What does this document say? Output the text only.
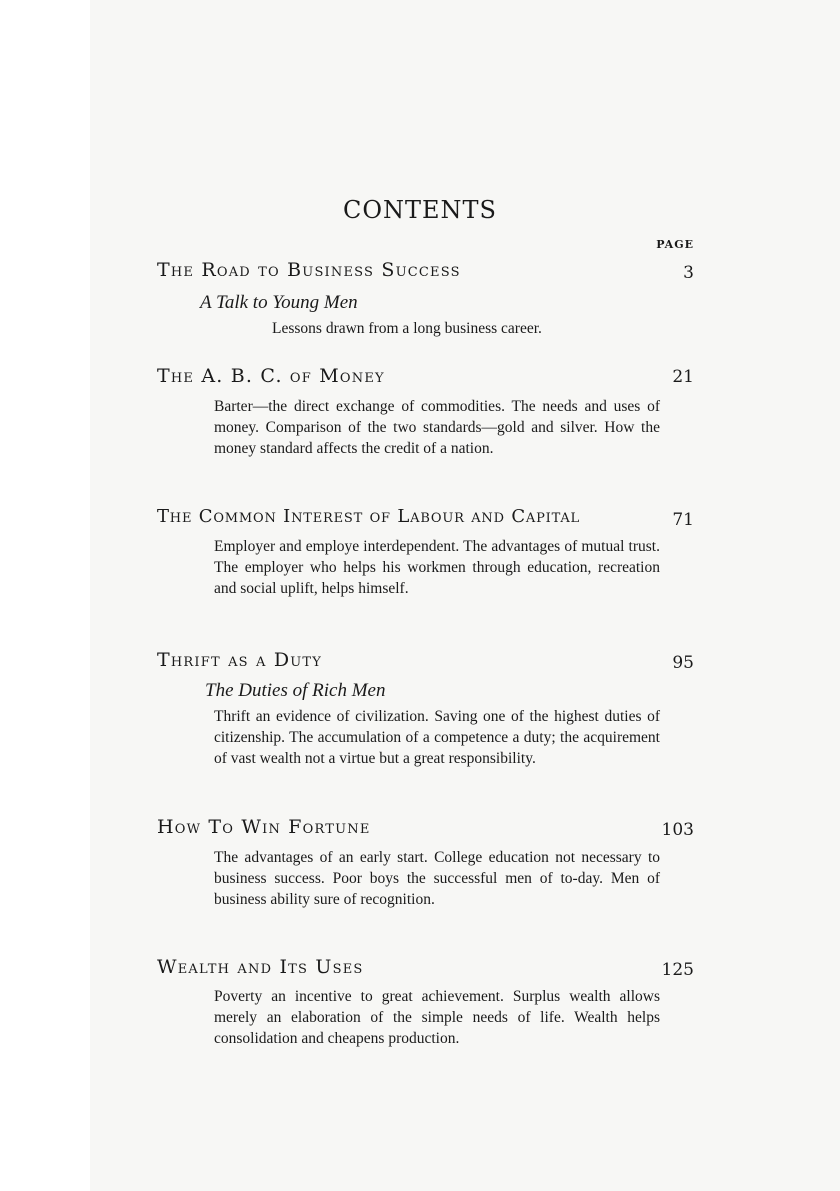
CONTENTS
PAGE
The Road to Business Success	3
A Talk to Young Men
Lessons drawn from a long business career.
The A. B. C. of Money	21
Barter—the direct exchange of commodities. The needs and uses of money. Comparison of the two standards—gold and silver. How the money standard affects the credit of a nation.
The Common Interest of Labour and Capital	71
Employer and employe interdependent. The advantages of mutual trust. The employer who helps his workmen through education, recreation and social uplift, helps himself.
Thrift as a Duty	95
The Duties of Rich Men
Thrift an evidence of civilization. Saving one of the highest duties of citizenship. The accumulation of a competence a duty; the acquirement of vast wealth not a virtue but a great responsibility.
How To Win Fortune	103
The advantages of an early start. College education not necessary to business success. Poor boys the successful men of to-day. Men of business ability sure of recognition.
Wealth and Its Uses	125
Poverty an incentive to great achievement. Surplus wealth allows merely an elaboration of the simple needs of life. Wealth helps consolidation and cheapens production.
